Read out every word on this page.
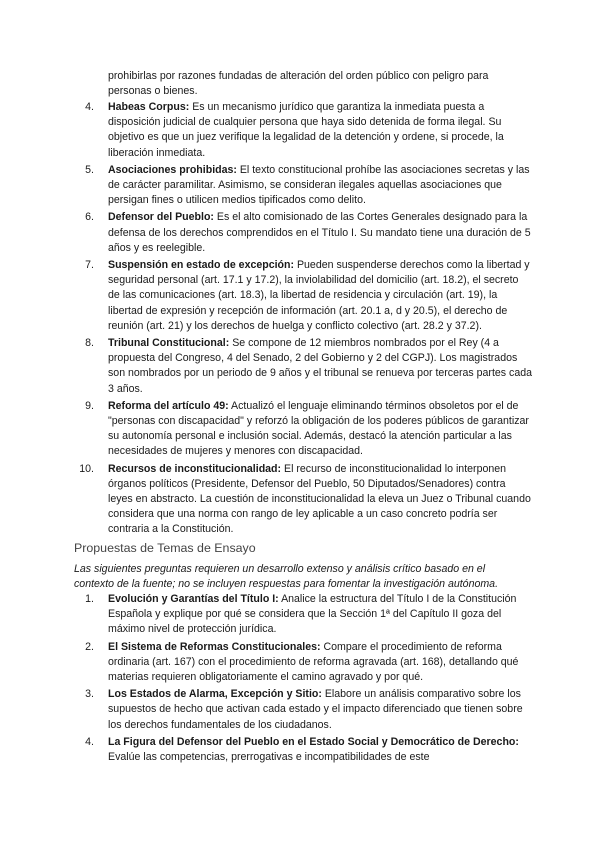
prohibirlas por razones fundadas de alteración del orden público con peligro para personas o bienes.

4. Habeas Corpus: Es un mecanismo jurídico que garantiza la inmediata puesta a disposición judicial de cualquier persona que haya sido detenida de forma ilegal. Su objetivo es que un juez verifique la legalidad de la detención y ordene, si procede, la liberación inmediata.
5. Asociaciones prohibidas: El texto constitucional prohíbe las asociaciones secretas y las de carácter paramilitar. Asimismo, se consideran ilegales aquellas asociaciones que persigan fines o utilicen medios tipificados como delito.
6. Defensor del Pueblo: Es el alto comisionado de las Cortes Generales designado para la defensa de los derechos comprendidos en el Título I. Su mandato tiene una duración de 5 años y es reelegible.
7. Suspensión en estado de excepción: Pueden suspenderse derechos como la libertad y seguridad personal (art. 17.1 y 17.2), la inviolabilidad del domicilio (art. 18.2), el secreto de las comunicaciones (art. 18.3), la libertad de residencia y circulación (art. 19), la libertad de expresión y recepción de información (art. 20.1 a, d y 20.5), el derecho de reunión (art. 21) y los derechos de huelga y conflicto colectivo (art. 28.2 y 37.2).
8. Tribunal Constitucional: Se compone de 12 miembros nombrados por el Rey (4 a propuesta del Congreso, 4 del Senado, 2 del Gobierno y 2 del CGPJ). Los magistrados son nombrados por un periodo de 9 años y el tribunal se renueva por terceras partes cada 3 años.
9. Reforma del artículo 49: Actualizó el lenguaje eliminando términos obsoletos por el de "personas con discapacidad" y reforzó la obligación de los poderes públicos de garantizar su autonomía personal e inclusión social. Además, destacó la atención particular a las necesidades de mujeres y menores con discapacidad.
10. Recursos de inconstitucionalidad: El recurso de inconstitucionalidad lo interponen órganos políticos (Presidente, Defensor del Pueblo, 50 Diputados/Senadores) contra leyes en abstracto. La cuestión de inconstitucionalidad la eleva un Juez o Tribunal cuando considera que una norma con rango de ley aplicable a un caso concreto podría ser contraria a la Constitución.
Propuestas de Temas de Ensayo

Las siguientes preguntas requieren un desarrollo extenso y análisis crítico basado en el contexto de la fuente; no se incluyen respuestas para fomentar la investigación autónoma.

1. Evolución y Garantías del Título I: Analice la estructura del Título I de la Constitución Española y explique por qué se considera que la Sección 1ª del Capítulo II goza del máximo nivel de protección jurídica.
2. El Sistema de Reformas Constitucionales: Compare el procedimiento de reforma ordinaria (art. 167) con el procedimiento de reforma agravada (art. 168), detallando qué materias requieren obligatoriamente el camino agravado y por qué.
3. Los Estados de Alarma, Excepción y Sitio: Elabore un análisis comparativo sobre los supuestos de hecho que activan cada estado y el impacto diferenciado que tienen sobre los derechos fundamentales de los ciudadanos.
4. La Figura del Defensor del Pueblo en el Estado Social y Democrático de Derecho: Evalúe las competencias, prerrogativas e incompatibilidades de este
